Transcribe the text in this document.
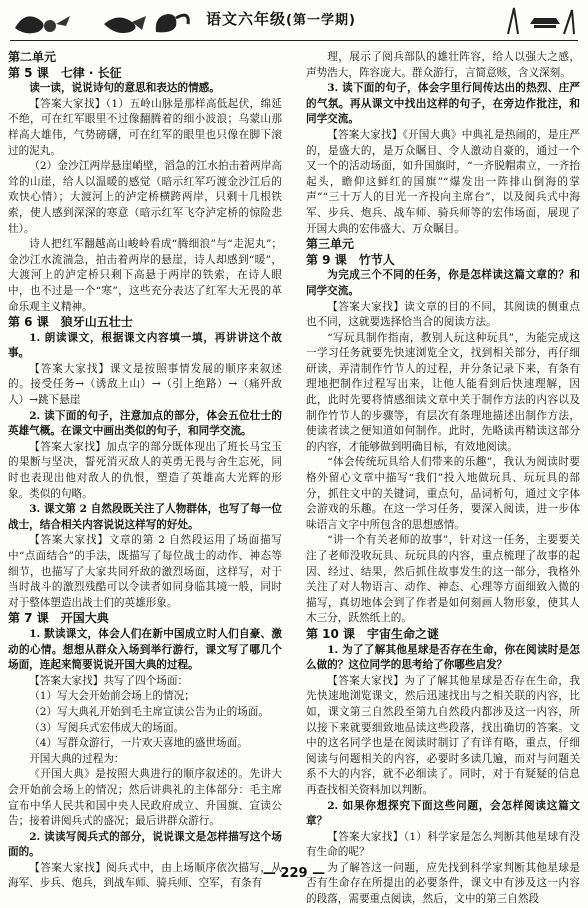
语文六年级(第一学期)

第二单元

第 5 课　七律 · 长征

读一读，说说诗句的意思和表达的情感。

【答案大家找】（1）五岭山脉是那样高低起伏，绵延不绝，可在红军眼里不过像翻腾着的细小波浪；乌蒙山那样高大雄伟，气势磅礴，可在红军的眼里也只像在脚下滚过的泥丸。

（2）金沙江两岸悬崖峭壁，滔急的江水拍击着两岸高耸的山崖，给人以温暖的感觉（暗示红军巧渡金沙江后的欢快心情）；大渡河上的泸定桥横跨两岸，只剩十几根铁索，使人感到深深的寒意（暗示红军飞夺泸定桥的惊险悲壮）。

诗人把红军翻越高山峻岭看成“腾细浪”与“走泥丸”；金沙江水流湍急，拍击着两岸的悬崖，诗人却感到“暖”，大渡河上的泸定桥只剩下高悬于两岸的铁索，在诗人眼中，也不过是一个“寒”，这些充分表达了红军大无畏的革命乐观主义精神。

第 6 课　狼牙山五壮士

1. 朗读课文，根据课文内容填一填，再讲讲这个故事。

【答案大家找】课文是按照事情发展的顺序来叙述的。接受任务→（诱敌上山）→（引上绝路）→（痛歼敌人）→跳下悬崖

2. 读下面的句子，注意加点的部分，体会五位壮士的英雄气概。在课文中画出类似的句子，和同学交流。

【答案大家找】加点字的部分既体现出了班长马宝玉的果断与坚决，誓死消灭敌人的英勇无畏与舍生忘死，同时也表现出他对敌人的仇恨，塑造了英雄高大光辉的形象。类似的句略。

3. 课文第 2 自然段既关注了人物群体，也写了每一位战士，结合相关内容说说这样写的好处。

【答案大家找】文章的第 2 自然段运用了场面描写中“点面结合”的手法，既描写了每位战士的动作、神态等细节，也描写了大家共同歼敌的激烈场面，这样写，对于当时战斗的激烈残酷可以令读者如同身临其境一般，同时对于整体塑造出战士们的英雄形象。

第 7 课　开国大典

1. 默读课文，体会人们在新中国成立时人们自豪、激动的心情。想想从群众入场到举行游行，课文写了哪几个场面，连起来简要说说开国大典的过程。

【答案大家找】共写了四个场面：

（1）写大会开始前会场上的情况；

（2）写大典礼开始到毛主席宣读公告为止的场面。

（3）写阅兵式宏伟成大的场面。

（4）写群众游行，一片欢天喜地的盛世场面。

开国大典的过程为：

《开国大典》是按照大典进行的顺序叙述的。先讲大会开始前会场上的情况；然后讲典礼的主体部分：毛主席宣布中华人民共和国中央人民政府成立、升国旗、宣读公告；接着讲阅兵式的盛况；最后讲群众游行。

2. 读读写阅兵式的部分，说说课文是怎样描写这个场面的。

【答案大家找】阅兵式中，由上场顺序依次描写，从海军、步兵、炮兵，到战车师、骑兵师、空军，有条有

理，展示了阅兵部队的雄壮阵容，给人以强大之感，声势浩大，阵容庞大。群众游行，言简意赅，含义深刻。

3. 读下面的句子，体会字里行间传达出的热烈、庄严的气氛。再从课文中找出这样的句子，在旁边作批注，和同学交流。

【答案大家找】《开国大典》中典礼是热闹的，是庄严的，是盛大的，是万众瞩目、令人激动自豪的，通过一个又一个的活动场面，如升国旗时，“一齐脱帽肃立，一齐抬起头，瞻仰这鲜红的国旗”“爆发出一阵排山倒海的掌声”“三十万人的目光一齐投向主席台”，以及阅兵式中海军、步兵、炮兵、战车师、骑兵师等的宏伟场面，展现了开国大典的宏伟盛大、万众瞩目。

第三单元

第 9 课　竹节人

为完成三个不同的任务，你是怎样读这篇文章的？和同学交流。

【答案大家找】读文章的目的不同，其阅读的侧重点也不同，这就要选择恰当合的阅读方法。

“写玩具制作指南，教别人玩这种玩具”，为能完成这一学习任务就要先快速浏览全文，找到相关部分，再仔细研读，弄清制作竹节人的过程，并分条记录下来，有条有理地把制作过程写出来，让他人能看到后快速理解，因此，此时先要将情感细读文章中关于制作方法的内容以及制作竹节人的步骤等，有层次有条理地描述出制作方法，使读者读之便知道如何制作。此时，先略读再精读这部分的内容，才能够做到明确目标，有效地阅读。

“体会传统玩具给人们带来的乐趣”，我认为阅读时要格外留心文章中描写“我们”投入地做玩具、玩玩具的部分，抓住文中的关键词，重点句，品词析句，通过文字体会游戏的乐趣。在这一学习任务，要深入阅读，进一步体味语言文字中所包含的思想感情。

“讲一个有关老师的故事”，针对这一任务，主要要关注了老师没收玩具、玩玩具的内容，重点梳理了故事的起因、经过、结果，然后抓住故事发生的这一部分，我格外关注了对人物语言、动作、神态、心理等方面细致入微的描写，真切地体会到了作者是如何刻画人物形象，使其人木三分，跃然纸上的。

第 10 课　宇宙生命之谜

1. 为了了解其他星球是否存在生命，你在阅读时是怎么做的？这位同学的思考给了你哪些启发？

【答案大家找】为了了解其他星球是否存在生命，我先快速地浏览课文，然后迅速找出与之相关联的内容，比如，课文第三自然段至第九自然段内都涉及这一内容，所以接下来就要细致地品读这些段落，找出确切的答案。文中的这名同学也是在阅读时制订了有详有略，重点，仔细阅读与问题相关的内容，必要时多读几遍，而对与问题关系不大的内容，就不必细读了。同时，对于有疑疑的信息再查找相关资料加以判断。

2. 如果你想探究下面这些问题，会怎样阅读这篇文章？

【答案大家找】（1）科学家是怎么判断其他星球有没有生命的呢？

为了解答这一问题，应先找到科学家判断其他星球是否有生命存在所提出的必要条件，课文中有涉及这一内容的段落，需要重点阅读，然后，文中的第三自然段

— 229 —
